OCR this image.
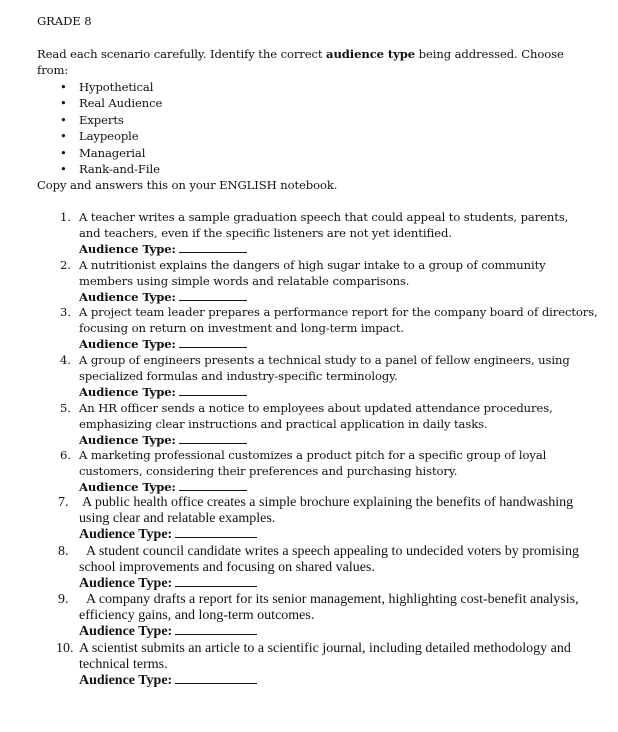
GRADE 8
Read each scenario carefully. Identify the correct audience type being addressed. Choose
from:
• Hypothetical
• Real Audience
• Experts
• Laypeople
• Managerial
• Rank-and-File
Copy and answers this on your ENGLISH notebook.
1. A teacher writes a sample graduation speech that could appeal to students, parents,
and teachers, even if the specific listeners are not yet identified.
Audience Type:
2. A nutritionist explains the dangers of high sugar intake to a group of community
members using simple words and relatable comparisons.
Audience Type:
3. A project team leader prepares a performance report for the company board of directors,
focusing on return on investment and long-term impact.
Audience Type:
4. A group of engineers presents a technical study to a panel of fellow engineers, using
specialized formulas and industry-specific terminology.
Audience Type:
5. An HR officer sends a notice to employees about updated attendance procedures,
emphasizing clear instructions and practical application in daily tasks.
Audience Type:
6. A marketing professional customizes a product pitch for a specific group of loyal
customers, considering their preferences and purchasing history.
Audience Type:
7. A public health office creates a simple brochure explaining the benefits of handwashing
using clear and relatable examples.
Audience Type:
8. A student council candidate writes a speech appealing to undecided voters by promising
school improvements and focusing on shared values.
Audience Type:
9. A company drafts a report for its senior management, highlighting cost-benefit analysis,
efficiency gains, and long-term outcomes.
Audience Type:
10. A scientist submits an article to a scientific journal, including detailed methodology and
technical terms.
Audience Type:
